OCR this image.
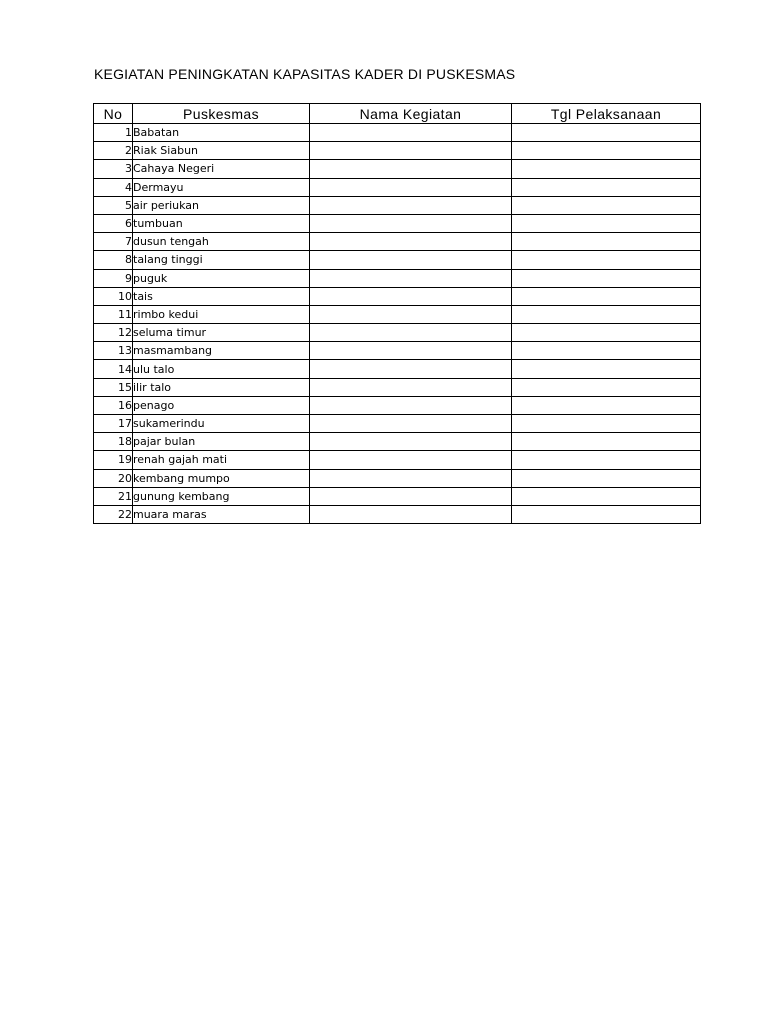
KEGIATAN PENINGKATAN KAPASITAS KADER DI PUSKESMAS
No	Puskesmas	Nama Kegiatan	Tgl Pelaksanaan
1	Babatan		
2	Riak Siabun		
3	Cahaya Negeri		
4	Dermayu		
5	air periukan		
6	tumbuan		
7	dusun tengah		
8	talang tinggi		
9	puguk		
10	tais		
11	rimbo kedui		
12	seluma timur		
13	masmambang		
14	ulu talo		
15	ilir talo		
16	penago		
17	sukamerindu		
18	pajar bulan		
19	renah gajah mati		
20	kembang mumpo		
21	gunung kembang		
22	muara maras		
